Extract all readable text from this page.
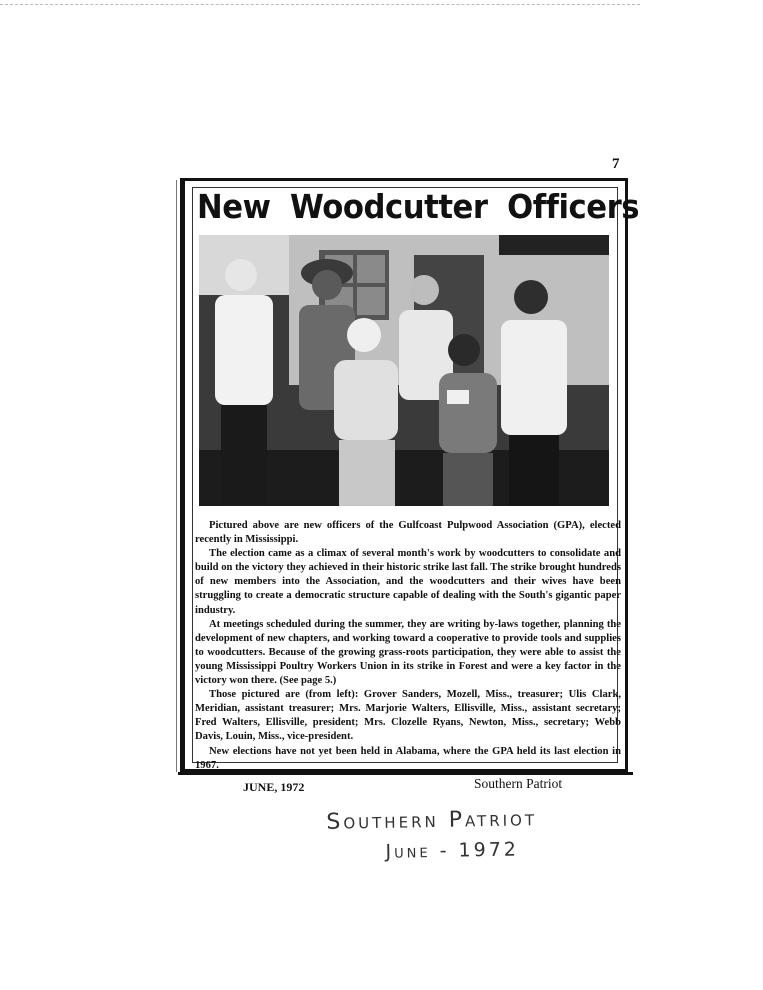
7
New Woodcutter Officers

Pictured above are new officers of the Gulfcoast Pulpwood Association (GPA), elected recently in Mississippi.

The election came as a climax of several month's work by woodcutters to consolidate and build on the victory they achieved in their historic strike last fall. The strike brought hundreds of new members into the Association, and the woodcutters and their wives have been struggling to create a democratic structure capable of dealing with the South's gigantic paper industry.

At meetings scheduled during the summer, they are writing by-laws together, planning the development of new chapters, and working toward a cooperative to provide tools and supplies to woodcutters. Because of the growing grass-roots participation, they were able to assist the young Mississippi Poultry Workers Union in its strike in Forest and were a key factor in the victory won there. (See page 5.)

Those pictured are (from left): Grover Sanders, Mozell, Miss., treasurer; Ulis Clark, Meridian, assistant treasurer; Mrs. Marjorie Walters, Ellisville, Miss., assistant secretary; Fred Walters, Ellisville, president; Mrs. Clozelle Ryans, Newton, Miss., secretary; Webb Davis, Louin, Miss., vice-president.

New elections have not yet been held in Alabama, where the GPA held its last election in 1967.

JUNE, 1972	Southern Patriot
Southern Patriot
June - 1972
